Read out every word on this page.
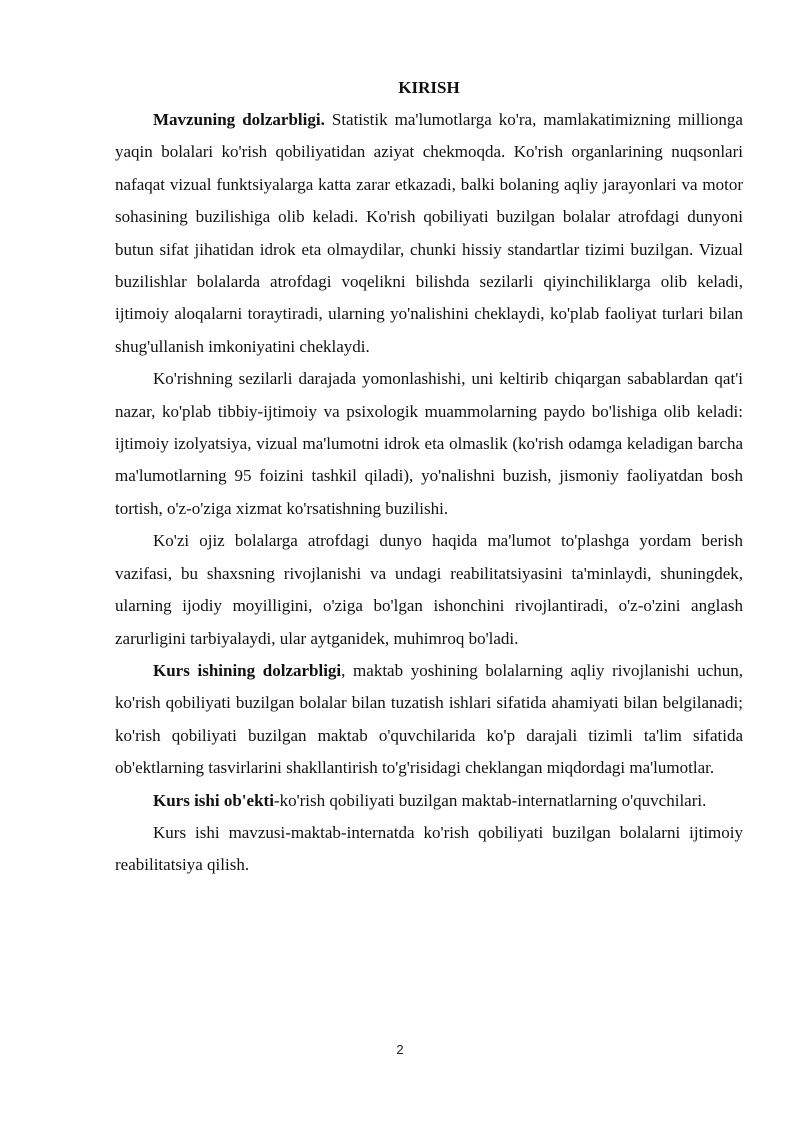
KIRISH

Mavzuning dolzarbligi. Statistik ma'lumotlarga ko'ra, mamlakatimizning millionga yaqin bolalari ko'rish qobiliyatidan aziyat chekmoqda. Ko'rish organlarining nuqsonlari nafaqat vizual funktsiyalarga katta zarar etkazadi, balki bolaning aqliy jarayonlari va motor sohasining buzilishiga olib keladi. Ko'rish qobiliyati buzilgan bolalar atrofdagi dunyoni butun sifat jihatidan idrok eta olmaydilar, chunki hissiy standartlar tizimi buzilgan. Vizual buzilishlar bolalarda atrofdagi voqelikni bilishda sezilarli qiyinchiliklarga olib keladi, ijtimoiy aloqalarni toraytiradi, ularning yo'nalishini cheklaydi, ko'plab faoliyat turlari bilan shug'ullanish imkoniyatini cheklaydi.

Ko'rishning sezilarli darajada yomonlashishi, uni keltirib chiqargan sabablardan qat'i nazar, ko'plab tibbiy-ijtimoiy va psixologik muammolarning paydo bo'lishiga olib keladi: ijtimoiy izolyatsiya, vizual ma'lumotni idrok eta olmaslik (ko'rish odamga keladigan barcha ma'lumotlarning 95 foizini tashkil qiladi), yo'nalishni buzish, jismoniy faoliyatdan bosh tortish, o'z-o'ziga xizmat ko'rsatishning buzilishi.

Ko'zi ojiz bolalarga atrofdagi dunyo haqida ma'lumot to'plashga yordam berish vazifasi, bu shaxsning rivojlanishi va undagi reabilitatsiyasini ta'minlaydi, shuningdek, ularning ijodiy moyilligini, o'ziga bo'lgan ishonchini rivojlantiradi, o'z-o'zini anglash zarurligini tarbiyalaydi, ular aytganidek, muhimroq bo'ladi.

Kurs ishining dolzarbligi, maktab yoshining bolalarning aqliy rivojlanishi uchun, ko'rish qobiliyati buzilgan bolalar bilan tuzatish ishlari sifatida ahamiyati bilan belgilanadi; ko'rish qobiliyati buzilgan maktab o'quvchilarida ko'p darajali tizimli ta'lim sifatida ob'ektlarning tasvirlarini shakllantirish to'g'risidagi cheklangan miqdordagi ma'lumotlar.

Kurs ishi ob'ekti-ko'rish qobiliyati buzilgan maktab-internatlarning o'quvchilari.

Kurs ishi mavzusi-maktab-internatda ko'rish qobiliyati buzilgan bolalarni ijtimoiy reabilitatsiya qilish.

2
